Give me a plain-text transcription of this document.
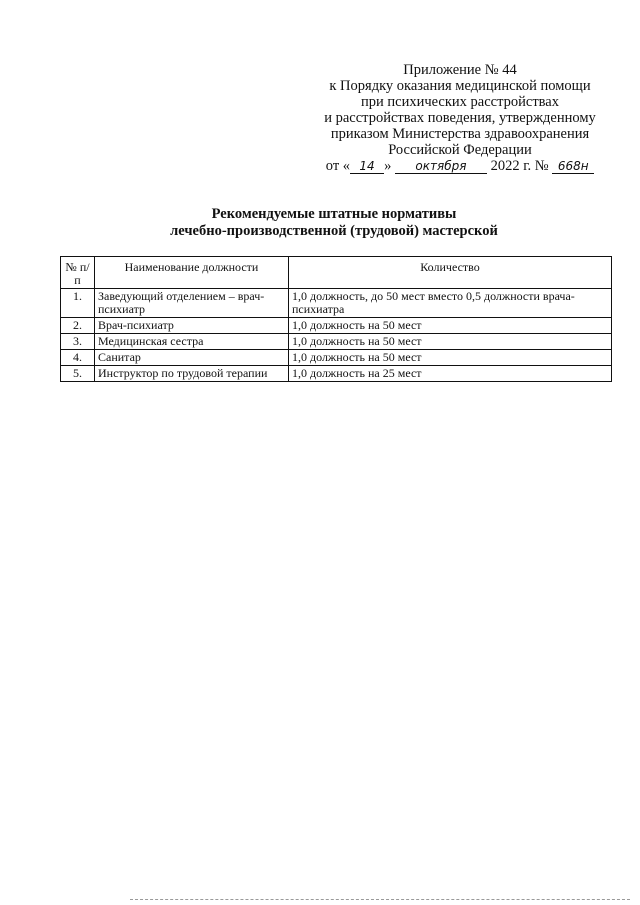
Приложение № 44
к Порядку оказания медицинской помощи
при психических расстройствах
и расстройствах поведения, утвержденному
приказом Министерства здравоохранения
Российской Федерации
от « 14 » октября 2022 г. № 668н
Рекомендуемые штатные нормативы
лечебно-производственной (трудовой) мастерской
№ п/п	Наименование должности	Количество
1.	Заведующий отделением – врач-психиатр	1,0 должность, до 50 мест вместо 0,5 должности врача-психиатра
2.	Врач-психиатр	1,0 должность на 50 мест
3.	Медицинская сестра	1,0 должность на 50 мест
4.	Санитар	1,0 должность на 50 мест
5.	Инструктор по трудовой терапии	1,0 должность на 25 мест
